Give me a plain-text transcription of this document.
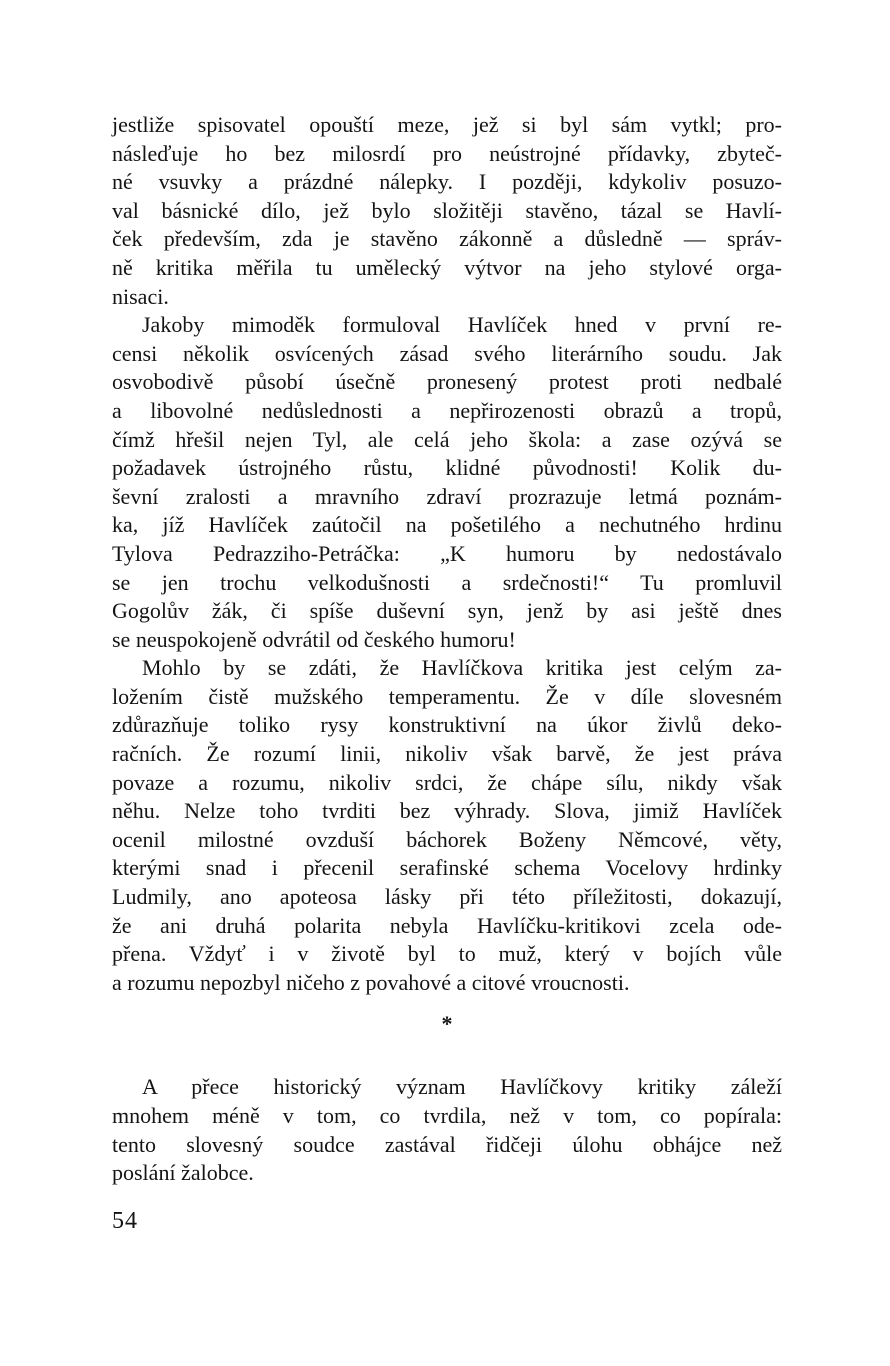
jestliže spisovatel opouští meze, jež si byl sám vytkl; pro-

násleďuje ho bez milosrdí pro neústrojné přídavky, zbyteč-

né vsuvky a prázdné nálepky. I později, kdykoliv posuzo-

val básnické dílo, jež bylo složitěji stavěno, tázal se Havlí-

ček především, zda je stavěno zákonně a důsledně — správ-

ně kritika měřila tu umělecký výtvor na jeho stylové orga-

nisaci.

Jakoby mimoděk formuloval Havlíček hned v první re-

censi několik osvícených zásad svého literárního soudu. Jak

osvobodivě působí úsečně pronesený protest proti nedbalé

a libovolné nedůslednosti a nepřirozenosti obrazů a tropů,

čímž hřešil nejen Tyl, ale celá jeho škola: a zase ozývá se

požadavek ústrojného růstu, klidné původnosti! Kolik du-

ševní zralosti a mravního zdraví prozrazuje letmá poznám-

ka, jíž Havlíček zaútočil na pošetilého a nechutného hrdinu

Tylova Pedrazziho-Petráčka: „K humoru by nedostávalo

se jen trochu velkodušnosti a srdečnosti!“ Tu promluvil

Gogolův žák, či spíše duševní syn, jenž by asi ještě dnes

se neuspokojeně odvrátil od českého humoru!

Mohlo by se zdáti, že Havlíčkova kritika jest celým za-

ložením čistě mužského temperamentu. Že v díle slovesném

zdůrazňuje toliko rysy konstruktivní na úkor živlů deko-

račních. Že rozumí linii, nikoliv však barvě, že jest práva

povaze a rozumu, nikoliv srdci, že chápe sílu, nikdy však

něhu. Nelze toho tvrditi bez výhrady. Slova, jimiž Havlíček

ocenil milostné ovzduší báchorek Boženy Němcové, věty,

kterými snad i přecenil serafinské schema Vocelovy hrdinky

Ludmily, ano apoteosa lásky při této příležitosti, dokazují,

že ani druhá polarita nebyla Havlíčku-kritikovi zcela ode-

přena. Vždyť i v životě byl to muž, který v bojích vůle

a rozumu nepozbyl ničeho z povahové a citové vroucnosti.

*

A přece historický význam Havlíčkovy kritiky záleží

mnohem méně v tom, co tvrdila, než v tom, co popírala:

tento slovesný soudce zastával řidčeji úlohu obhájce než

poslání žalobce.

54
